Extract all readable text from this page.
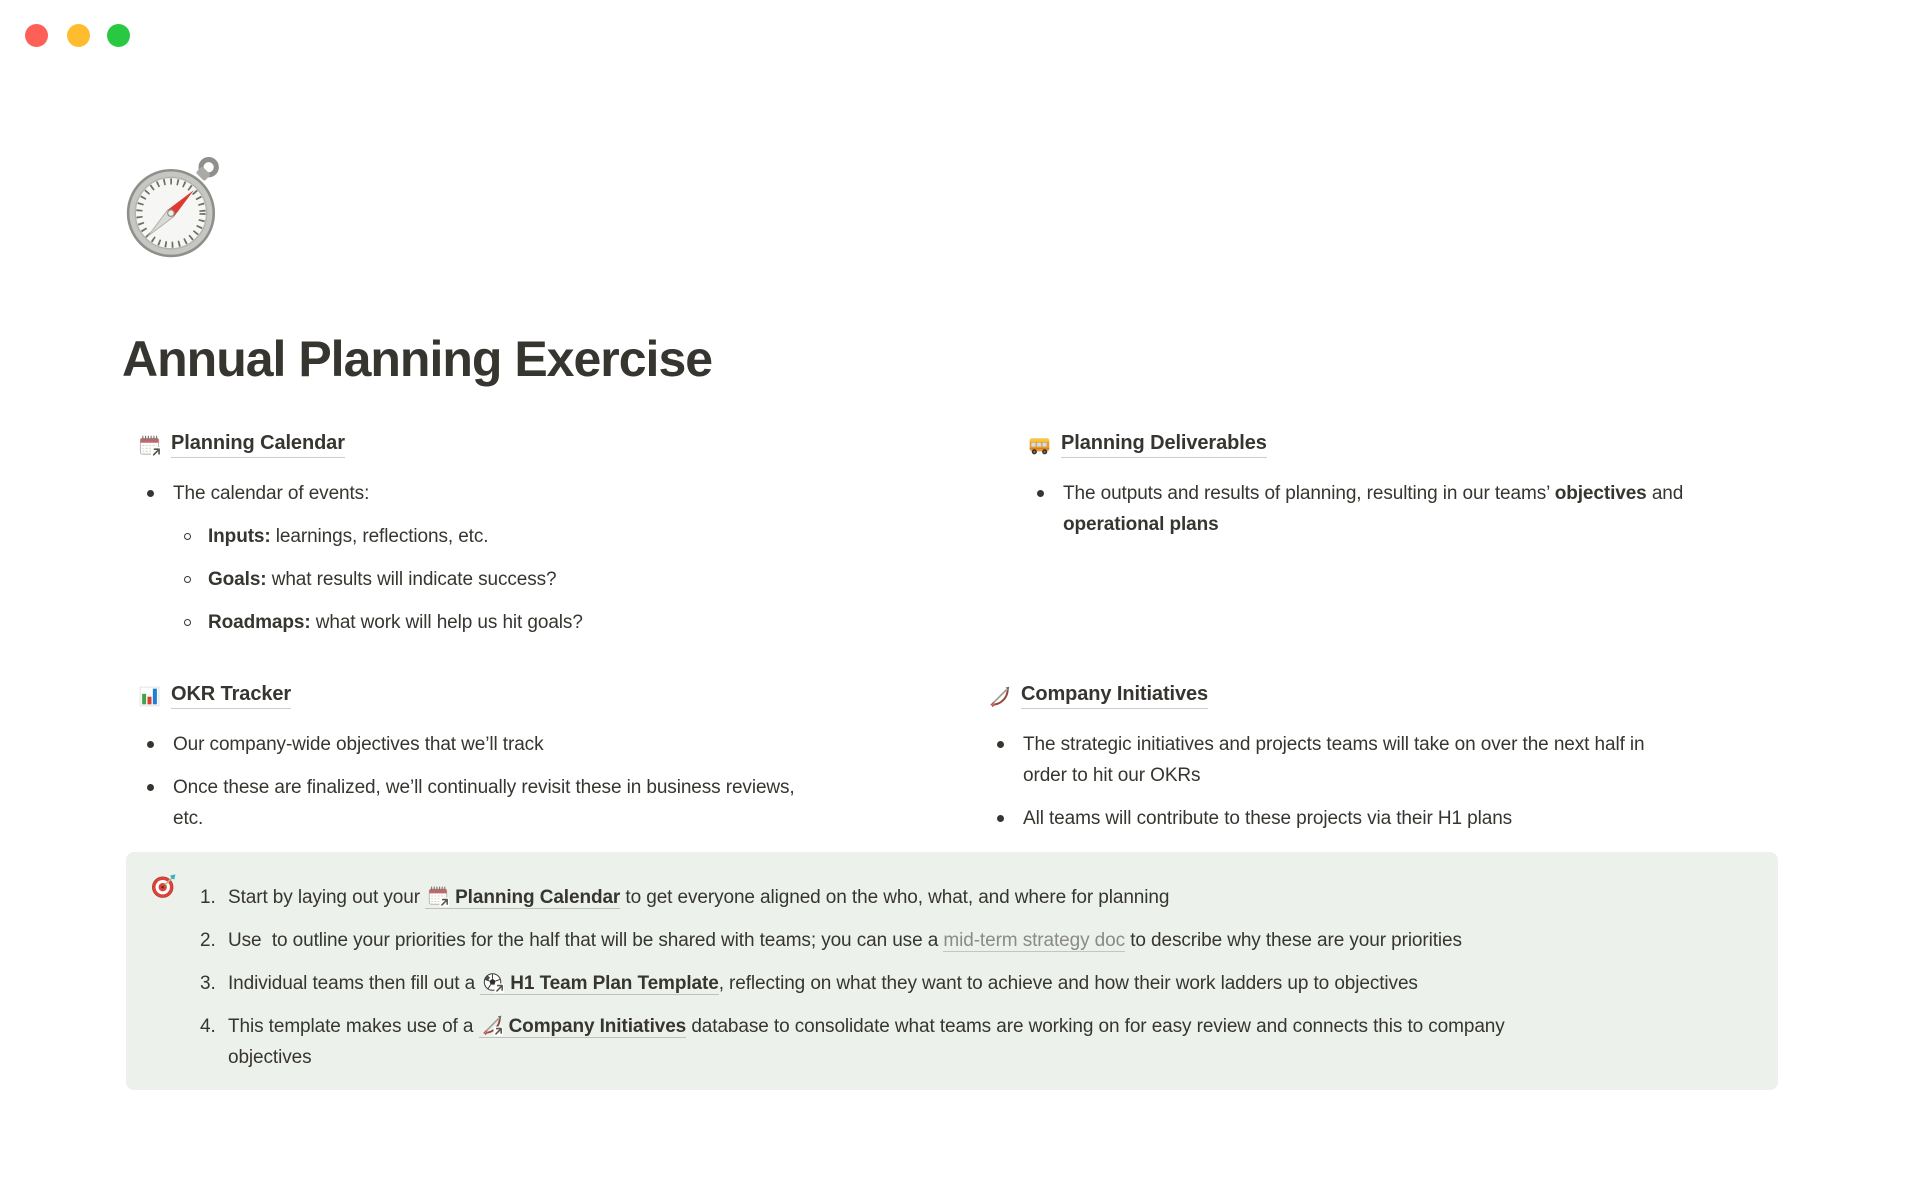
Annual Planning Exercise
Planning Calendar
The calendar of events:
Inputs: learnings, reflections, etc.
Goals: what results will indicate success?
Roadmaps: what work will help us hit goals?
Planning Deliverables
The outputs and results of planning, resulting in our teams’ objectives and
operational plans
OKR Tracker
Our company-wide objectives that we’ll track
Once these are finalized, we’ll continually revisit these in business reviews,
etc.
Company Initiatives
The strategic initiatives and projects teams will take on over the next half in
order to hit our OKRs
All teams will contribute to these projects via their H1 plans
1. Start by laying out your
Planning Calendar to get everyone aligned on the who, what, and where for planning
2. Use  to outline your priorities for the half that will be shared with teams; you can use a mid-term strategy doc to describe why these are your priorities
3. Individual teams then fill out a
H1 Team Plan Template, reflecting on what they want to achieve and how their work ladders up to objectives
4. This template makes use of a
Company Initiatives database to consolidate what teams are working on for easy review and connects this to company
objectives
